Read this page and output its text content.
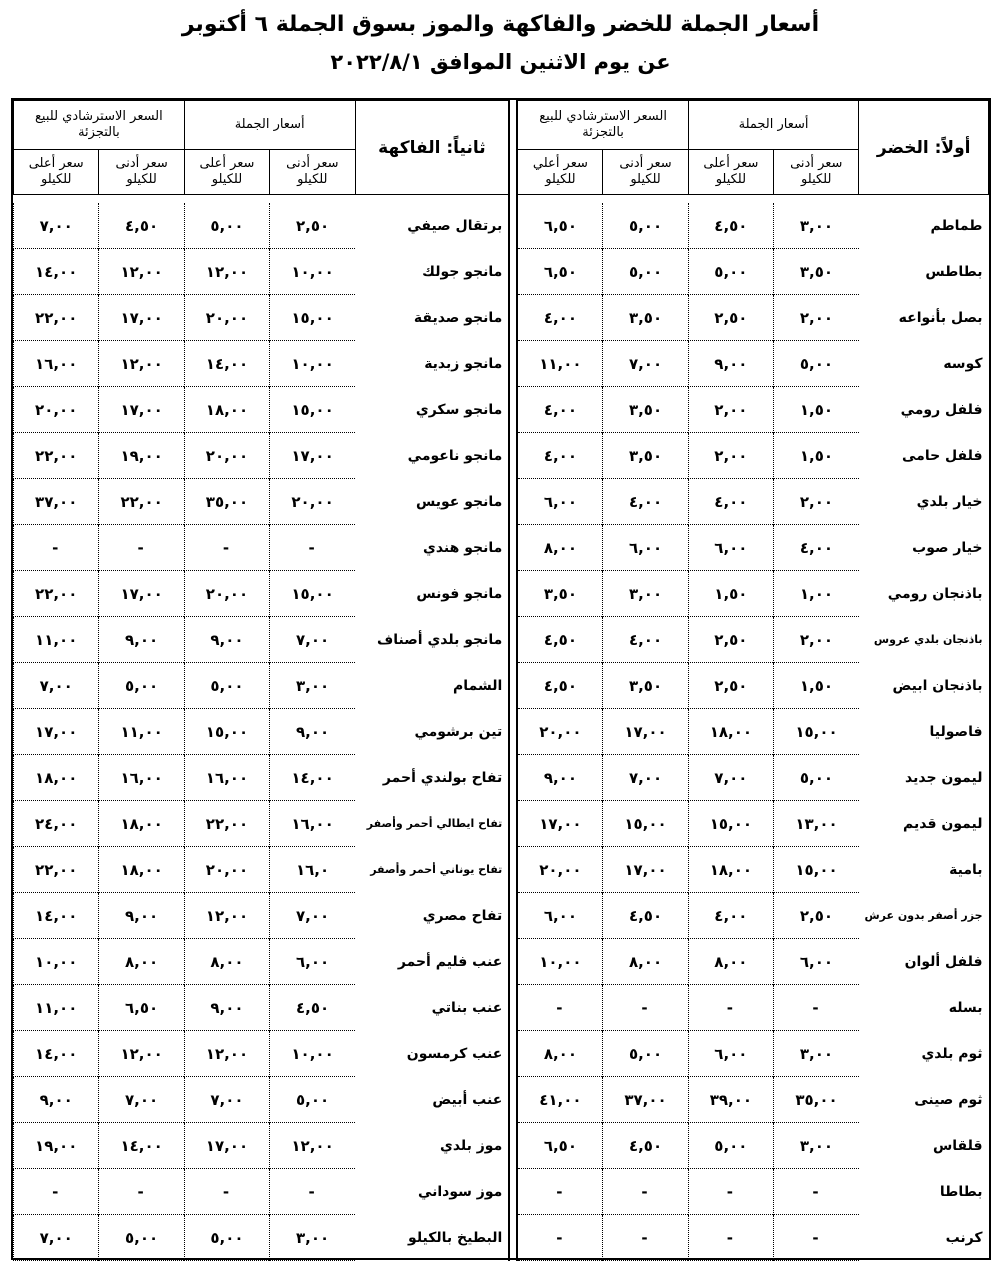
أسعار الجملة للخضر والفاكهة والموز بسوق الجملة ٦ أكتوبر
عن يوم الاثنين الموافق ٢٠٢٢/٨/١
أولاً: الخضر	أسعار الجملة		السعر الاسترشادي للبيع بالتجزئة			ثانياً: الفاكهة	أسعار الجملة		السعر الاسترشادي للبيع بالتجزئة	
	سعر أدنى للكيلو	سعر أعلى للكيلو	سعر أدنى للكيلو	سعر أعلي للكيلو			سعر أدنى للكيلو	سعر أعلى للكيلو	سعر أدنى للكيلو	سعر أعلى للكيلو

طماطم	٣,٠٠	٤,٥٠	٥,٠٠	٦,٥٠		برتقال صيفي	٢,٥٠	٥,٠٠	٤,٥٠	٧,٠٠
بطاطس	٣,٥٠	٥,٠٠	٥,٠٠	٦,٥٠		مانجو جولك	١٠,٠٠	١٢,٠٠	١٢,٠٠	١٤,٠٠
بصل بأنواعه	٢,٠٠	٢,٥٠	٣,٥٠	٤,٠٠		مانجو صديقة	١٥,٠٠	٢٠,٠٠	١٧,٠٠	٢٢,٠٠
كوسه	٥,٠٠	٩,٠٠	٧,٠٠	١١,٠٠		مانجو زبدية	١٠,٠٠	١٤,٠٠	١٢,٠٠	١٦,٠٠
فلفل رومي	١,٥٠	٢,٠٠	٣,٥٠	٤,٠٠		مانجو سكري	١٥,٠٠	١٨,٠٠	١٧,٠٠	٢٠,٠٠
فلفل حامى	١,٥٠	٢,٠٠	٣,٥٠	٤,٠٠		مانجو ناعومي	١٧,٠٠	٢٠,٠٠	١٩,٠٠	٢٢,٠٠
خيار بلدي	٢,٠٠	٤,٠٠	٤,٠٠	٦,٠٠		مانجو عويس	٢٠,٠٠	٣٥,٠٠	٢٢,٠٠	٣٧,٠٠
خيار صوب	٤,٠٠	٦,٠٠	٦,٠٠	٨,٠٠		مانجو هندي	-	-	-	-
باذنجان رومي	١,٠٠	١,٥٠	٣,٠٠	٣,٥٠		مانجو فونس	١٥,٠٠	٢٠,٠٠	١٧,٠٠	٢٢,٠٠
باذنجان بلدي عروس	٢,٠٠	٢,٥٠	٤,٠٠	٤,٥٠		مانجو بلدي أصناف	٧,٠٠	٩,٠٠	٩,٠٠	١١,٠٠
باذنجان ابيض	١,٥٠	٢,٥٠	٣,٥٠	٤,٥٠		الشمام	٣,٠٠	٥,٠٠	٥,٠٠	٧,٠٠
فاصوليا	١٥,٠٠	١٨,٠٠	١٧,٠٠	٢٠,٠٠		تين برشومي	٩,٠٠	١٥,٠٠	١١,٠٠	١٧,٠٠
ليمون جديد	٥,٠٠	٧,٠٠	٧,٠٠	٩,٠٠		تفاح بولندي أحمر	١٤,٠٠	١٦,٠٠	١٦,٠٠	١٨,٠٠
ليمون قديم	١٣,٠٠	١٥,٠٠	١٥,٠٠	١٧,٠٠		تفاح ايطالي أحمر وأصفر	١٦,٠٠	٢٢,٠٠	١٨,٠٠	٢٤,٠٠
بامية	١٥,٠٠	١٨,٠٠	١٧,٠٠	٢٠,٠٠		تفاح يوناني أحمر وأصفر	١٦,٠	٢٠,٠٠	١٨,٠٠	٢٢,٠٠
جزر أصفر بدون عرش	٢,٥٠	٤,٠٠	٤,٥٠	٦,٠٠		تفاح مصري	٧,٠٠	١٢,٠٠	٩,٠٠	١٤,٠٠
فلفل ألوان	٦,٠٠	٨,٠٠	٨,٠٠	١٠,٠٠		عنب فليم أحمر	٦,٠٠	٨,٠٠	٨,٠٠	١٠,٠٠
بسله	-	-	-	-		عنب بناتي	٤,٥٠	٩,٠٠	٦,٥٠	١١,٠٠
ثوم بلدي	٣,٠٠	٦,٠٠	٥,٠٠	٨,٠٠		عنب كرمسون	١٠,٠٠	١٢,٠٠	١٢,٠٠	١٤,٠٠
ثوم صينى	٣٥,٠٠	٣٩,٠٠	٣٧,٠٠	٤١,٠٠		عنب أبيض	٥,٠٠	٧,٠٠	٧,٠٠	٩,٠٠
قلقاس	٣,٠٠	٥,٠٠	٤,٥٠	٦,٥٠		موز بلدي	١٢,٠٠	١٧,٠٠	١٤,٠٠	١٩,٠٠
بطاطا	-	-	-	-		موز سوداني	-	-	-	-
كرنب	-	-	-	-		البطيخ بالكيلو	٣,٠٠	٥,٠٠	٥,٠٠	٧,٠٠
